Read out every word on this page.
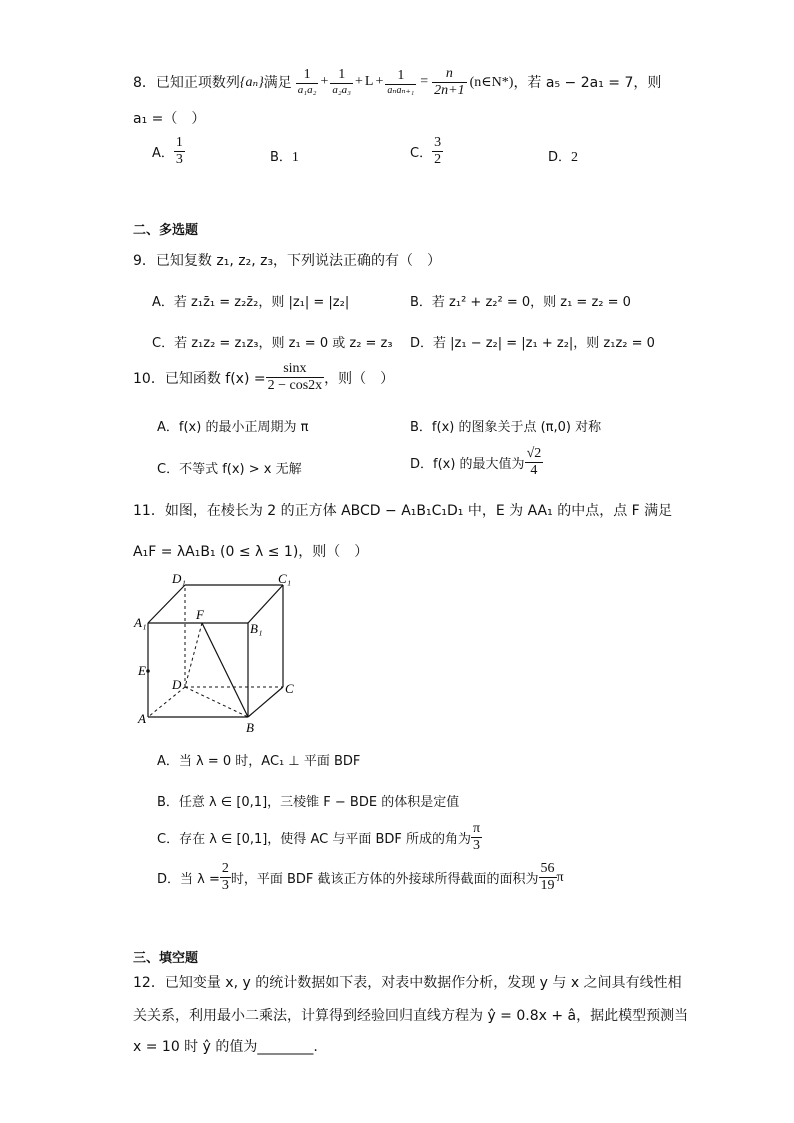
8． 已知正项数列 {aₙ} 满足 $\frac{1}{\text{a₁a₂}} + \frac{1}{\text{a₂a₃}} + L + \frac{1}{\text{aₙaₙ₊₁}} = \frac{n}{2n+1}$ (n∈N*) ，若 a₅ − 2a₁ = 7，则
a₁ =（　）
A． $\frac{1}{3}$	B．1	C． $\frac{3}{2}$	D．2
二、多选题
9．已知复数 z₁, z₂, z₃，下列说法正确的有（　）
A．若 z₁z̄₁ = z₂z̄₂，则 |z₁| = |z₂|	B．若 z₁² + z₂² = 0，则 z₁ = z₂ = 0
C．若 z₁z₂ = z₁z₃，则 z₁ = 0 或 z₂ = z₃ D．若 |z₁ − z₂| = |z₁ + z₂|，则 z₁z₂ = 0
10． 已知函数 $f(x) = \frac{\sin x}{2 - \cos 2x}$ ，则（　）
A．f(x) 的最小正周期为 π	B．f(x) 的图象关于点 (π,0) 对称
C．不等式 f(x) > x 无解	D． f(x) 的最大值为 $\frac{√2}{4}$
11．如图，在棱长为 2 的正方体 ABCD − A₁B₁C₁D₁ 中，E 为 AA₁ 的中点，点 F 满足
A₁F = λA₁B₁ (0 ≤ λ ≤ 1)，则（　）
D₁	C₁
A₁
F
B₁
E
D	C
A
B
A．当 λ = 0 时，AC₁ ⊥ 平面 BDF
B．任意 λ ∈ [0,1]，三棱锥 F − BDE 的体积是定值
C． 存在 λ ∈ [0,1]，使得 AC 与平面 BDF 所成的角为 $\frac{\pi}{3}$
D． 当 $\lambda = \frac{2}{3}$ 时，平面 BDF 截该正方体的外接球所得截面的面积为 $\frac{56}{19}$ π
三、填空题
12．已知变量 x, y 的统计数据如下表，对表中数据作分析，发现 y 与 x 之间具有线性相
关关系，利用最小二乘法，计算得到经验回归直线方程为 ŷ = 0.8x + â，据此模型预测当
x = 10 时 ŷ 的值为________.
